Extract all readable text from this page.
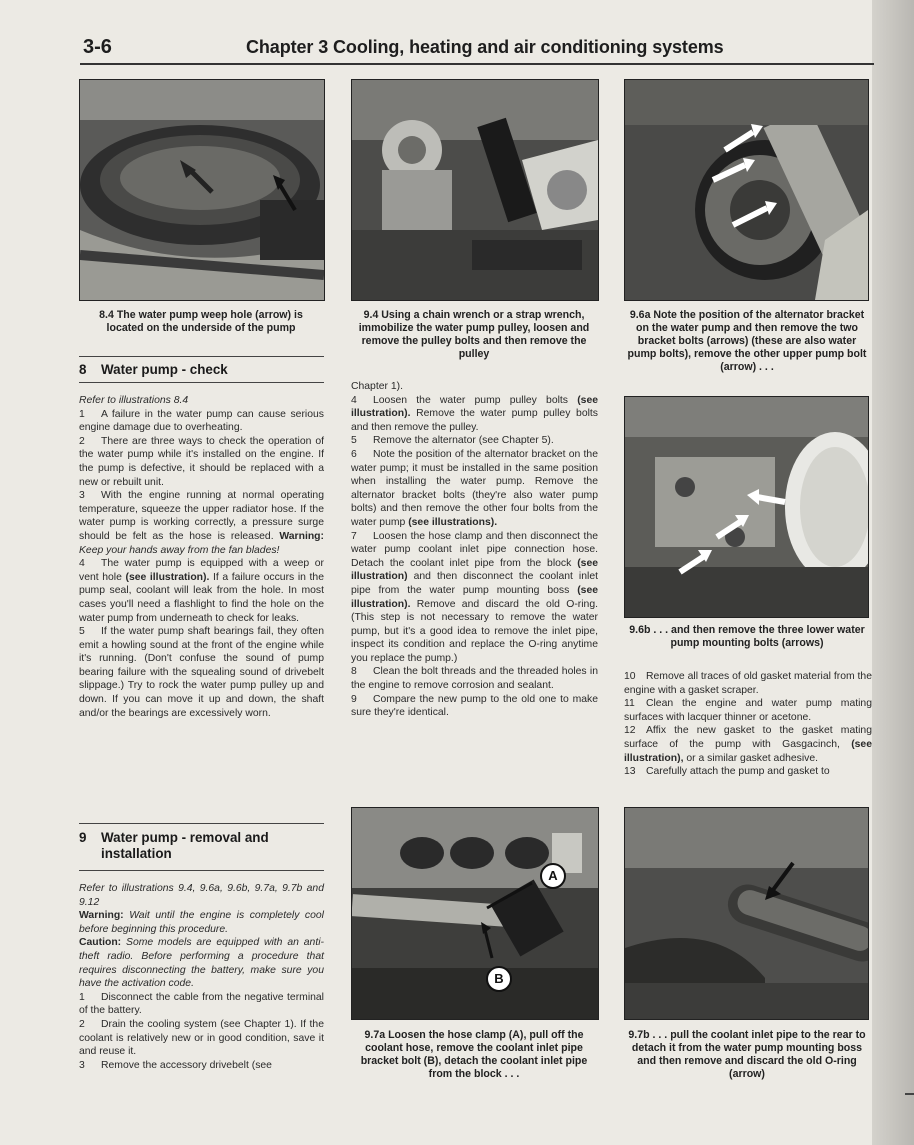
3-6	Chapter 3 Cooling, heating and air conditioning systems
8.4 The water pump weep hole (arrow) is located on the underside of the pump
8 Water pump - check

Refer to illustrations 8.4

1 A failure in the water pump can cause serious engine damage due to overheating.

2 There are three ways to check the operation of the water pump while it's installed on the engine. If the pump is defective, it should be replaced with a new or rebuilt unit.

3 With the engine running at normal operating temperature, squeeze the upper radiator hose. If the water pump is working correctly, a pressure surge should be felt as the hose is released. Warning: Keep your hands away from the fan blades!

4 The water pump is equipped with a weep or vent hole (see illustration). If a failure occurs in the pump seal, coolant will leak from the hole. In most cases you'll need a flashlight to find the hole on the water pump from underneath to check for leaks.

5 If the water pump shaft bearings fail, they often emit a howling sound at the front of the engine while it's running. (Don't confuse the sound of pump bearing failure with the squealing sound of drivebelt slippage.) Try to rock the water pump pulley up and down. If you can move it up and down, the shaft and/or the bearings are excessively worn.

9 Water pump - removal and
installation

Refer to illustrations 9.4, 9.6a, 9.6b, 9.7a, 9.7b and 9.12

Warning: Wait until the engine is completely cool before beginning this procedure.

Caution: Some models are equipped with an anti-theft radio. Before performing a procedure that requires disconnecting the battery, make sure you have the activation code.

1 Disconnect the cable from the negative terminal of the battery.

2 Drain the cooling system (see Chapter 1). If the coolant is relatively new or in good condition, save it and reuse it.

3 Remove the accessory drivebelt (see

9.4 Using a chain wrench or a strap wrench, immobilize the water pump pulley, loosen and remove the pulley bolts and then remove the pulley

Chapter 1).

4 Loosen the water pump pulley bolts (see illustration). Remove the water pump pulley bolts and then remove the pulley.

5 Remove the alternator (see Chapter 5).

6 Note the position of the alternator bracket on the water pump; it must be installed in the same position when installing the water pump. Remove the alternator bracket bolts (they're also water pump bolts) and then remove the other four bolts from the water pump (see illustrations).

7 Loosen the hose clamp and then disconnect the water pump coolant inlet pipe connection hose. Detach the coolant inlet pipe from the block (see illustration) and then disconnect the coolant inlet pipe from the water pump mounting boss (see illustration). Remove and discard the old O-ring. (This step is not necessary to remove the water pump, but it's a good idea to remove the inlet pipe, inspect its condition and replace the O-ring anytime you replace the pump.)

8 Clean the bolt threads and the threaded holes in the engine to remove corrosion and sealant.

9 Compare the new pump to the old one to make sure they're identical.

A
B
9.7a Loosen the hose clamp (A), pull off the coolant hose, remove the coolant inlet pipe bracket bolt (B), detach the coolant inlet pipe from the block . . .
9.6a Note the position of the alternator bracket on the water pump and then remove the two bracket bolts (arrows) (these are also water pump bolts), remove the other upper pump bolt (arrow) . . .
9.6b . . . and then remove the three lower water pump mounting bolts (arrows)

10 Remove all traces of old gasket material from the engine with a gasket scraper.

11 Clean the engine and water pump mating surfaces with lacquer thinner or acetone.

12 Affix the new gasket to the gasket mating surface of the pump with Gasgacinch, (see illustration), or a similar gasket adhesive.

13 Carefully attach the pump and gasket to

9.7b . . . pull the coolant inlet pipe to the rear to detach it from the water pump mounting boss and then remove and discard the old O-ring (arrow)
